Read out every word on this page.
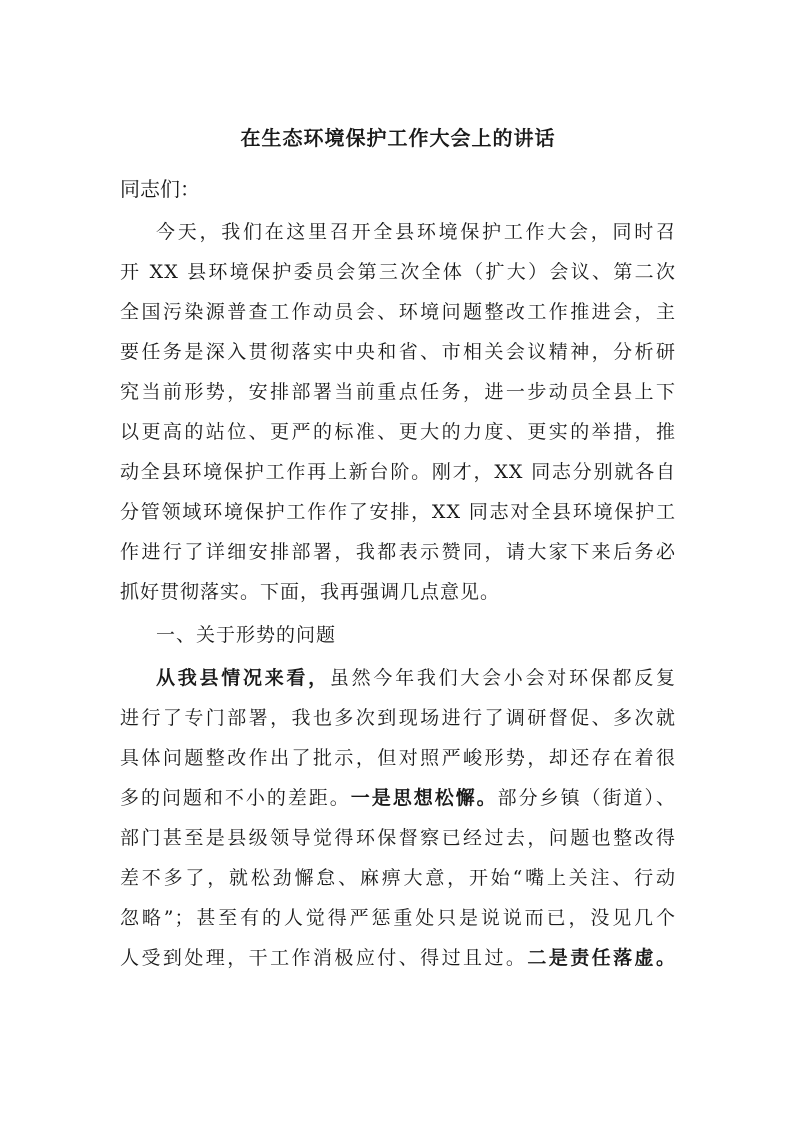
在生态环境保护工作大会上的讲话
同志们：
今天，我们在这里召开全县环境保护工作大会，同时召
开 XX 县环境保护委员会第三次全体（扩大）会议、第二次
全国污染源普查工作动员会、环境问题整改工作推进会，主
要任务是深入贯彻落实中央和省、市相关会议精神，分析研
究当前形势，安排部署当前重点任务，进一步动员全县上下
以更高的站位、更严的标准、更大的力度、更实的举措，推
动全县环境保护工作再上新台阶。刚才，XX 同志分别就各自
分管领域环境保护工作作了安排，XX 同志对全县环境保护工
作进行了详细安排部署，我都表示赞同，请大家下来后务必
抓好贯彻落实。下面，我再强调几点意见。
一、关于形势的问题
从我县情况来看，虽然今年我们大会小会对环保都反复
进行了专门部署，我也多次到现场进行了调研督促、多次就
具体问题整改作出了批示，但对照严峻形势，却还存在着很
多的问题和不小的差距。一是思想松懈。部分乡镇（街道）、
部门甚至是县级领导觉得环保督察已经过去，问题也整改得
差不多了，就松劲懈怠、麻痹大意，开始“嘴上关注、行动
忽略”；甚至有的人觉得严惩重处只是说说而已，没见几个
人受到处理，干工作消极应付、得过且过。二是责任落虚。
